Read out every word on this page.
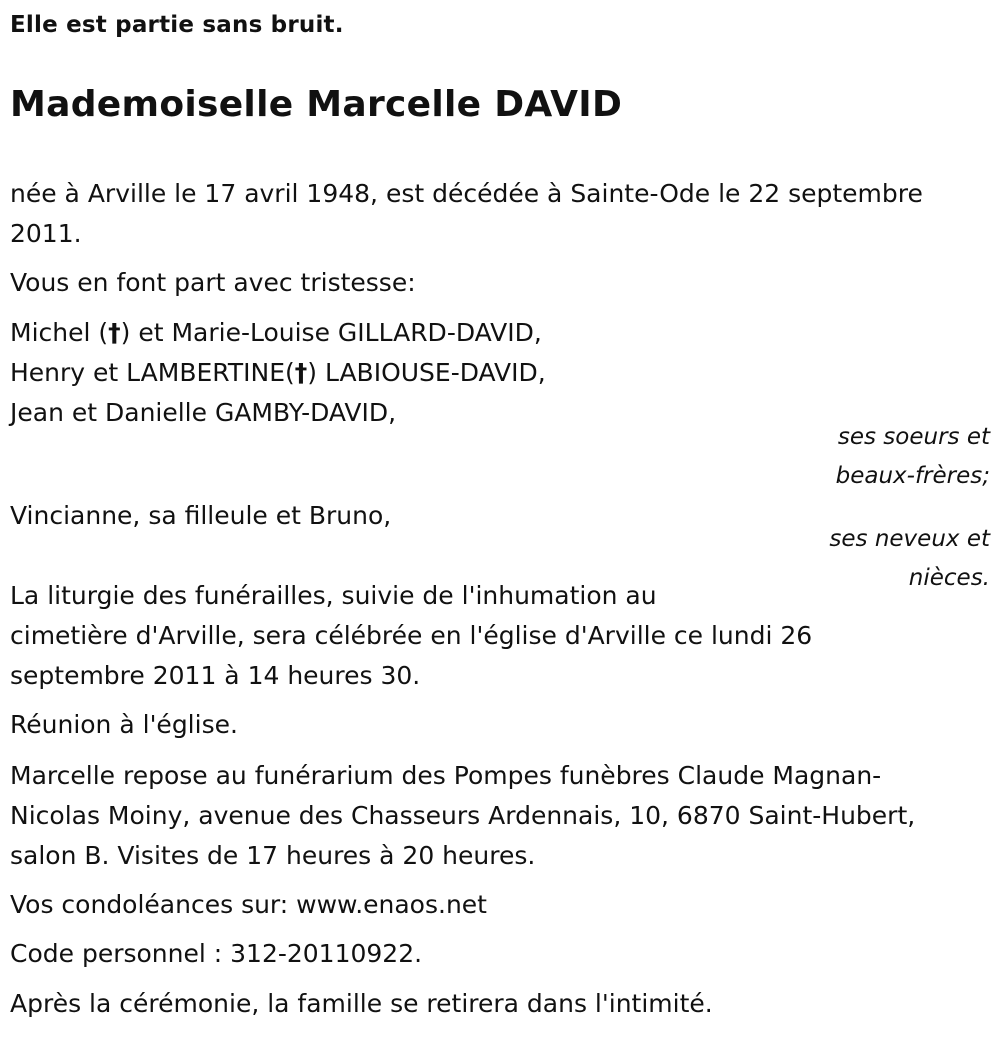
Elle est partie sans bruit.
Mademoiselle Marcelle DAVID
née à Arville le 17 avril 1948, est décédée à Sainte-Ode le 22 septembre
2011.
Vous en font part avec tristesse:
Michel (†) et Marie-Louise GILLARD-DAVID,
Henry et LAMBERTINE(†) LABIOUSE-DAVID,
Jean et Danielle GAMBY-DAVID,
ses soeurs et
beaux-frères;
Vincianne, sa filleule et Bruno,
ses neveux et
nièces.
La liturgie des funérailles, suivie de l'inhumation au
cimetière d'Arville, sera célébrée en l'église d'Arville ce lundi 26
septembre 2011 à 14 heures 30.
Réunion à l'église.
Marcelle repose au funérarium des Pompes funèbres Claude Magnan-
Nicolas Moiny, avenue des Chasseurs Ardennais, 10, 6870 Saint-Hubert,
salon B. Visites de 17 heures à 20 heures.
Vos condoléances sur: www.enaos.net
Code personnel : 312-20110922.
Après la cérémonie, la famille se retirera dans l'intimité.
